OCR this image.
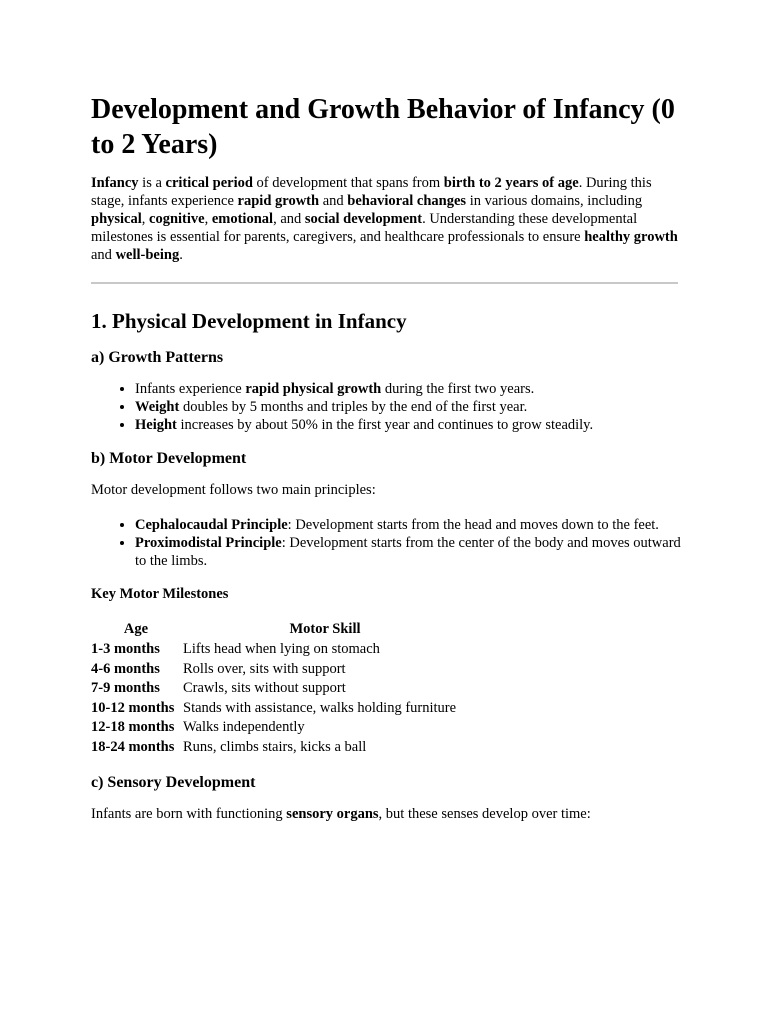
Development and Growth Behavior of Infancy (0 to 2 Years)

Infancy is a critical period of development that spans from birth to 2 years of age. During this stage, infants experience rapid growth and behavioral changes in various domains, including physical, cognitive, emotional, and social development. Understanding these developmental milestones is essential for parents, caregivers, and healthcare professionals to ensure healthy growth and well-being.

1. Physical Development in Infancy
a) Growth Patterns
• Infants experience rapid physical growth during the first two years.
• Weight doubles by 5 months and triples by the end of the first year.
• Height increases by about 50% in the first year and continues to grow steadily.
b) Motor Development

Motor development follows two main principles:

• Cephalocaudal Principle: Development starts from the head and moves down to the feet.
• Proximodistal Principle: Development starts from the center of the body and moves outward to the limbs.
Key Motor Milestones
Age	Motor Skill
1-3 months	Lifts head when lying on stomach
4-6 months	Rolls over, sits with support
7-9 months	Crawls, sits without support
10-12 months	Stands with assistance, walks holding furniture
12-18 months	Walks independently
18-24 months	Runs, climbs stairs, kicks a ball
c) Sensory Development

Infants are born with functioning sensory organs, but these senses develop over time:
